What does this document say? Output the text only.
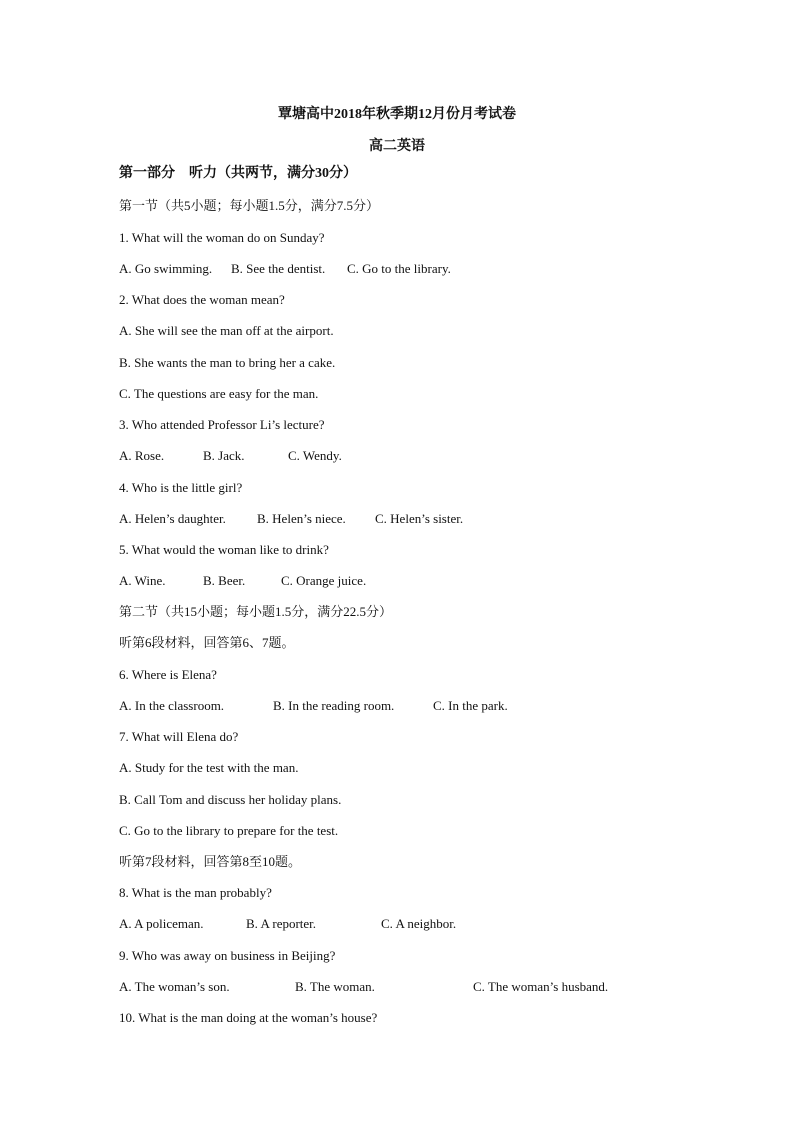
覃塘高中2018年秋季期12月份月考试卷
高二英语
第一部分    听力（共两节，满分30分）
第一节（共5小题；每小题1.5分，满分7.5分）
1. What will the woman do on Sunday?
A. Go swimming. B. See the dentist. C. Go to the library.
2. What does the woman mean?
A. She will see the man off at the airport.
B. She wants the man to bring her a cake.
C. The questions are easy for the man.
3. Who attended Professor Li’s lecture?
A. Rose.	B. Jack.	C. Wendy.
4. Who is the little girl?
A. Helen’s daughter. B. Helen’s niece. C. Helen’s sister.
5. What would the woman like to drink?
A. Wine.	B. Beer.	C. Orange juice.
第二节（共15小题；每小题1.5分，满分22.5分）
听第6段材料，回答第6、7题。
6. Where is Elena?
A. In the classroom.	B. In the reading room.	C. In the park.
7. What will Elena do?
A. Study for the test with the man.
B. Call Tom and discuss her holiday plans.
C. Go to the library to prepare for the test.
听第7段材料，回答第8至10题。
8. What is the man probably?
A. A policeman.	B. A reporter.	C. A neighbor.
9. Who was away on business in Beijing?
A. The woman’s son.	B. The woman.	C. The woman’s husband.
10. What is the man doing at the woman’s house?
